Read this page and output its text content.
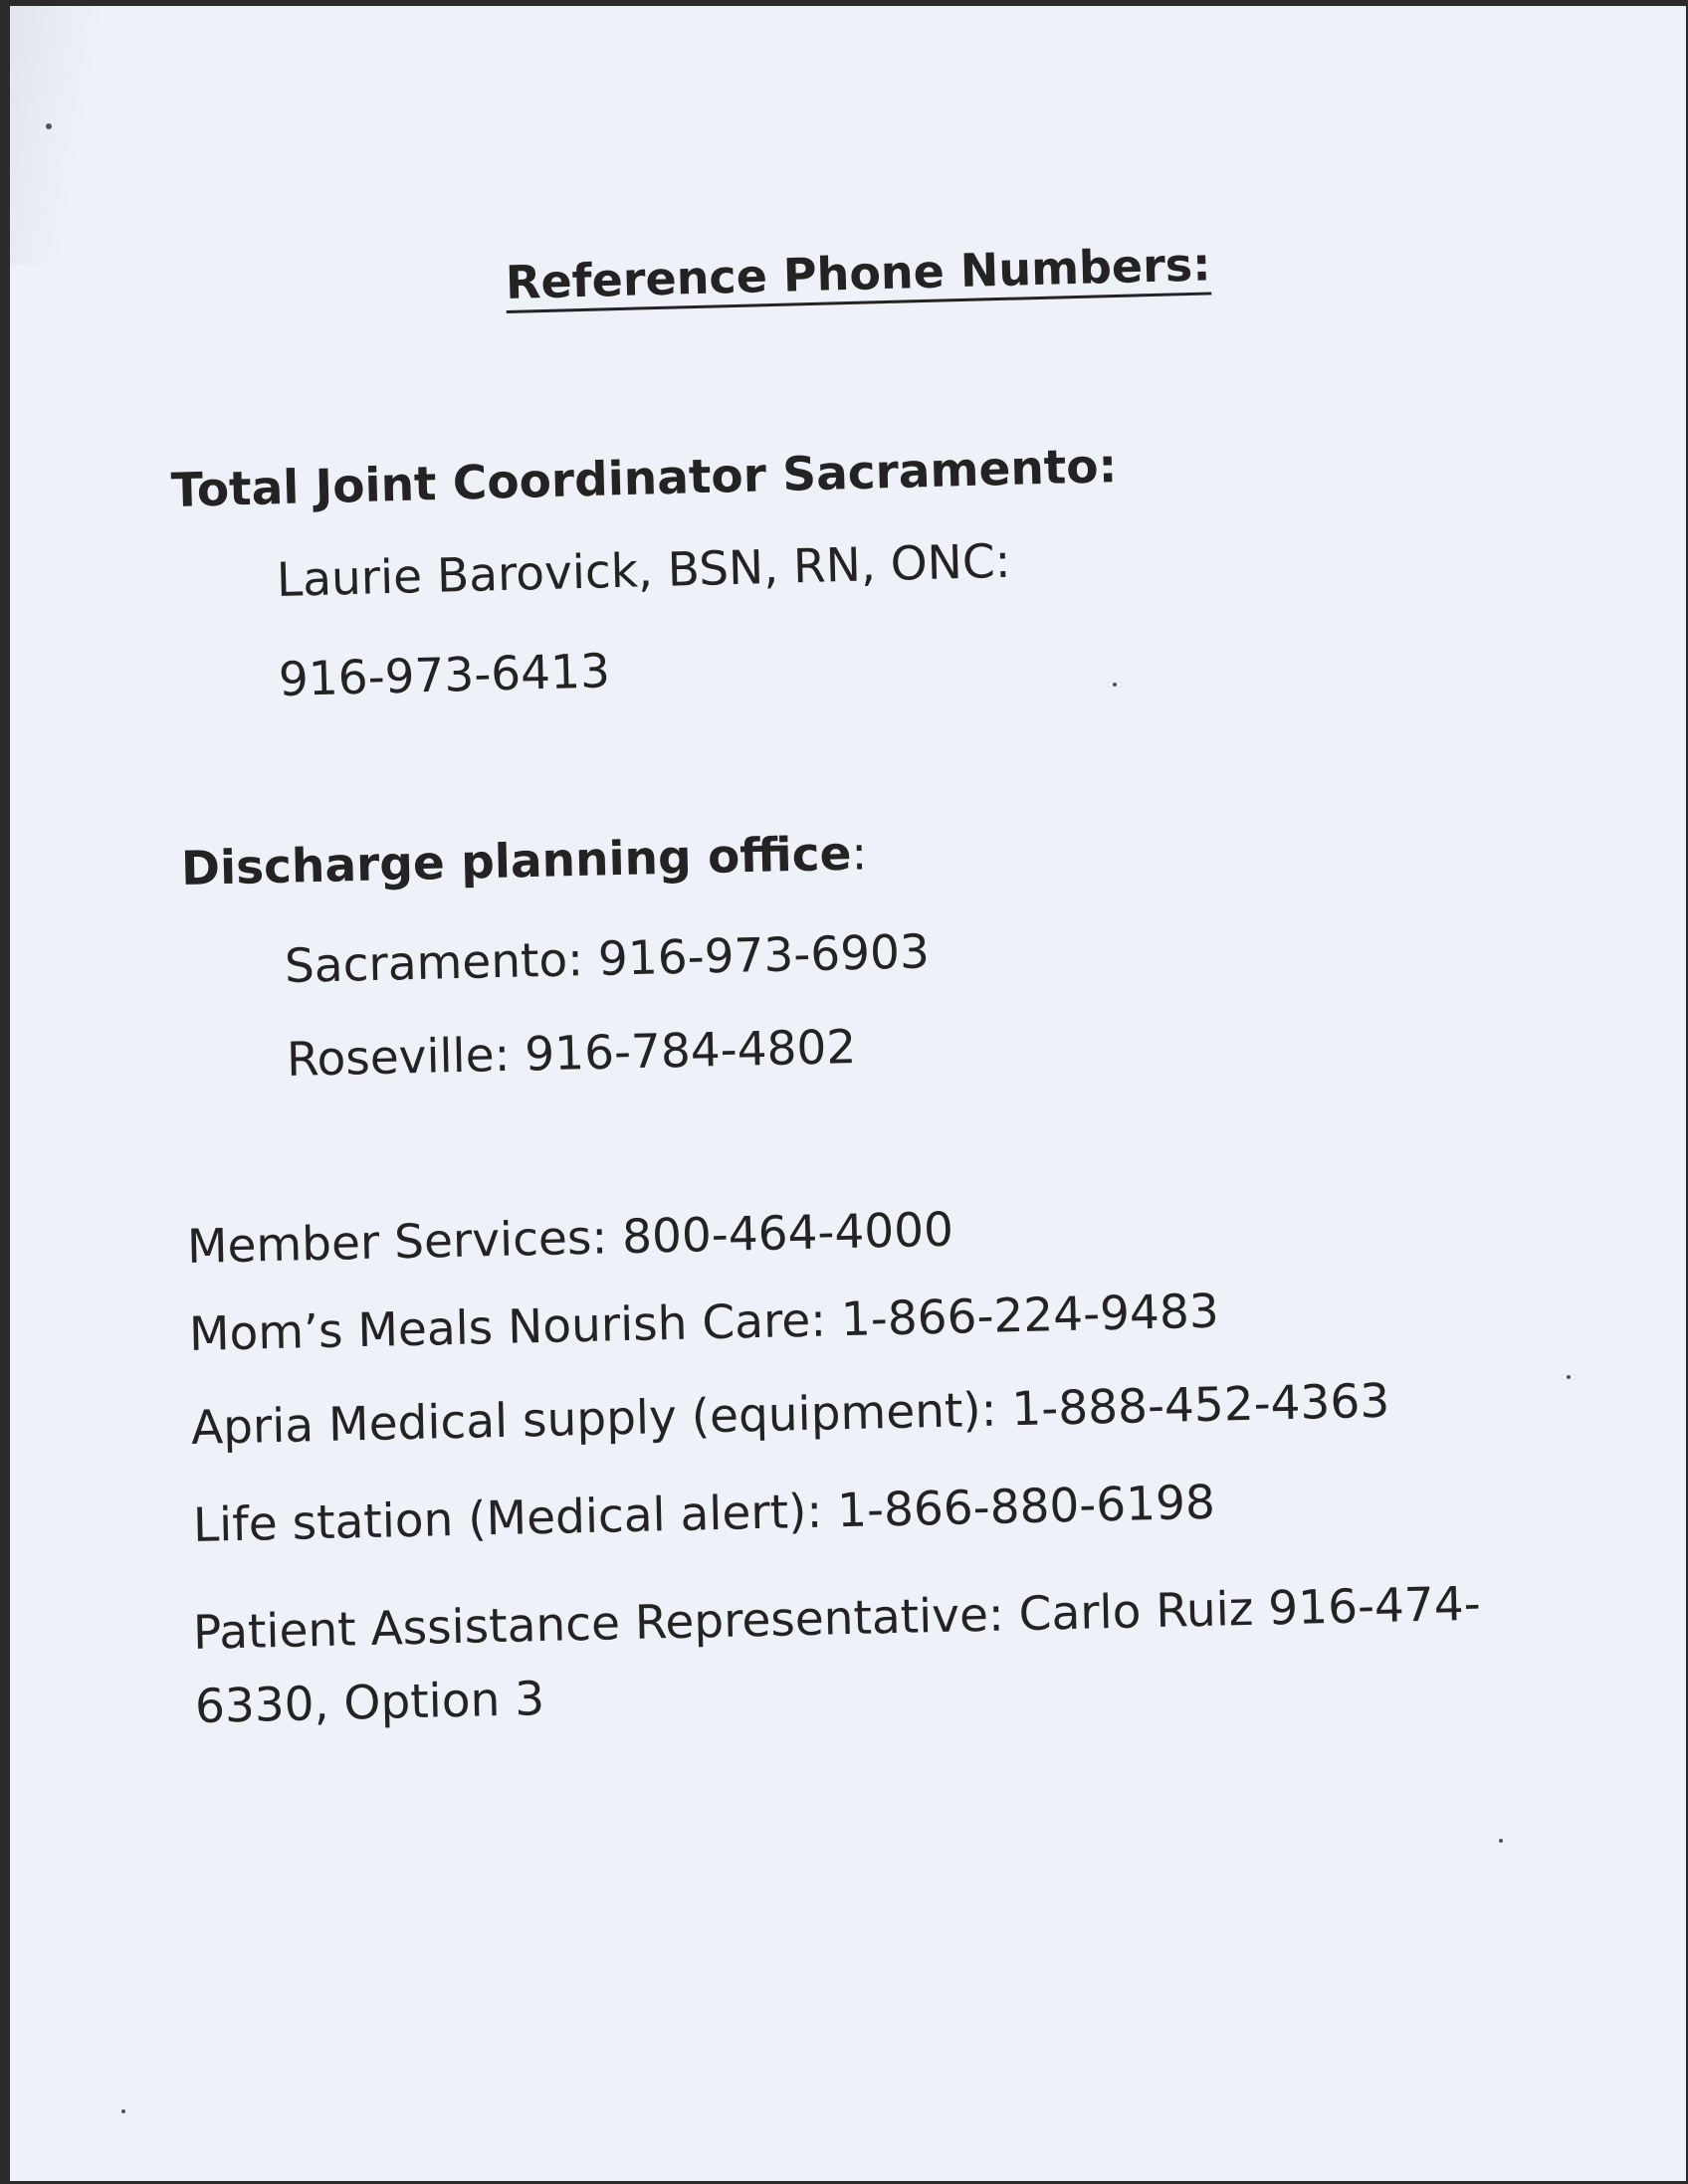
Reference Phone Numbers:
Total Joint Coordinator Sacramento:
Laurie Barovick, BSN, RN, ONC:
916-973-6413
Discharge planning office:
Sacramento: 916-973-6903
Roseville: 916-784-4802
Member Services: 800-464-4000
Mom’s Meals Nourish Care: 1-866-224-9483
Apria Medical supply (equipment): 1-888-452-4363
Life station (Medical alert): 1-866-880-6198
Patient Assistance Representative: Carlo Ruiz 916-474-
6330, Option 3
